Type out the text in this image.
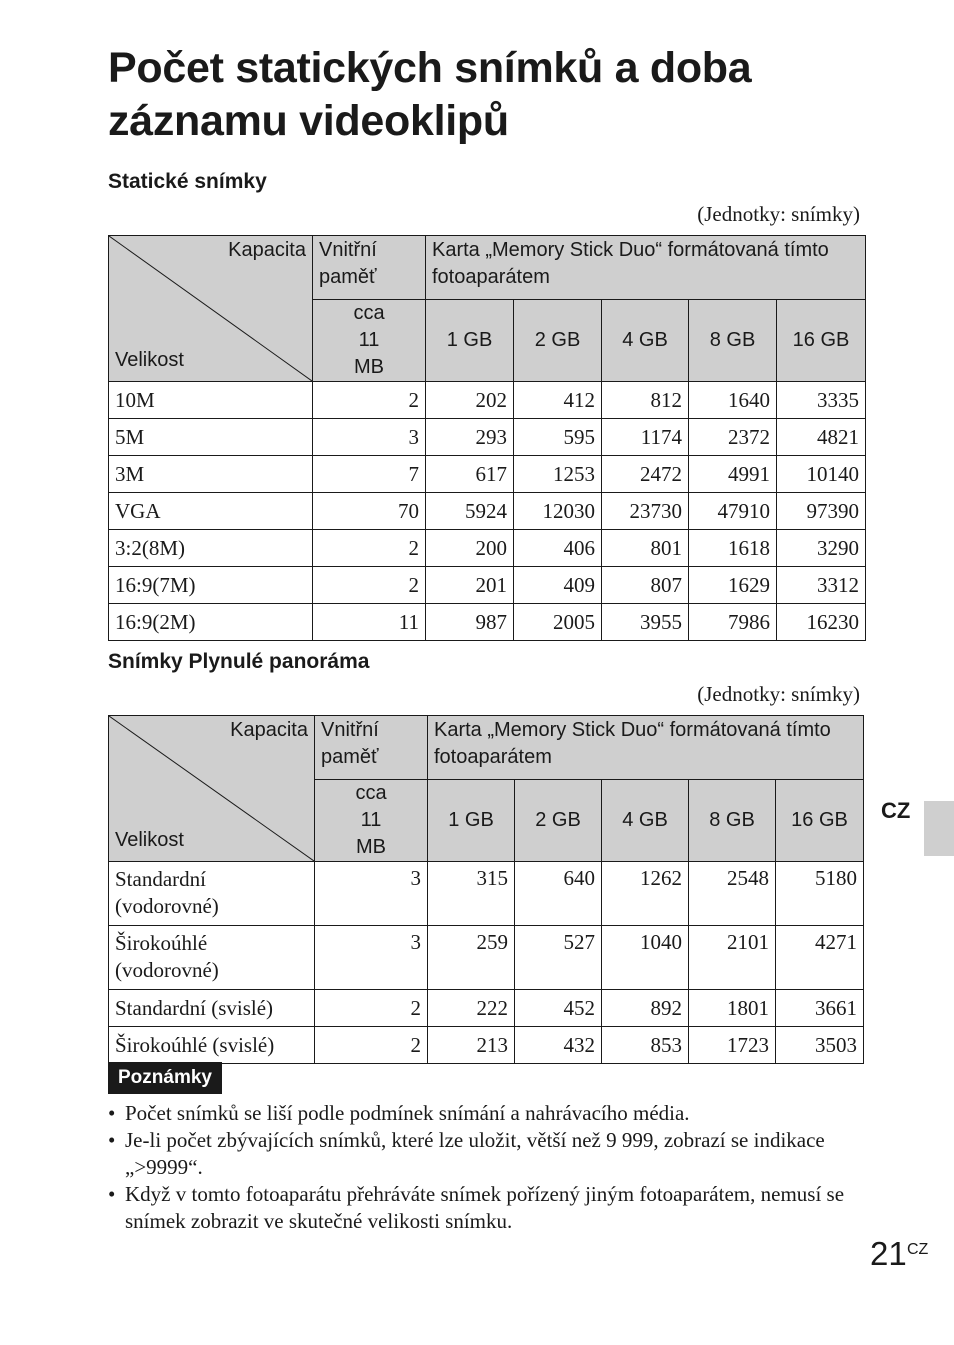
Počet statických snímků a doba záznamu videoklipů
Statické snímky
(Jednotky: snímky)
Kapacita
Velikost	Vnitřní paměť	Karta „Memory Stick Duo“ formátovaná tímto fotoaparátem				
	cca 11 MB	1 GB	2 GB	4 GB	8 GB	16 GB
10M	2	202	412	812	1640	3335
5M	3	293	595	1174	2372	4821
3M	7	617	1253	2472	4991	10140
VGA	70	5924	12030	23730	47910	97390
3:2(8M)	2	200	406	801	1618	3290
16:9(7M)	2	201	409	807	1629	3312
16:9(2M)	11	987	2005	3955	7986	16230
Snímky Plynulé panoráma
(Jednotky: snímky)
Kapacita
Velikost	Vnitřní paměť	Karta „Memory Stick Duo“ formátovaná tímto fotoaparátem				
	cca 11 MB	1 GB	2 GB	4 GB	8 GB	16 GB
Standardní (vodorovné)	3	315	640	1262	2548	5180
Širokoúhlé (vodorovné)	3	259	527	1040	2101	4271
Standardní (svislé)	2	222	452	892	1801	3661
Širokoúhlé (svislé)	2	213	432	853	1723	3503
Poznámky
• Počet snímků se liší podle podmínek snímání a nahrávacího média.
• Je-li počet zbývajících snímků, které lze uložit, větší než 9 999, zobrazí se indikace „>9999“.
• Když v tomto fotoaparátu přehráváte snímek pořízený jiným fotoaparátem, nemusí se snímek zobrazit ve skutečné velikosti snímku.
CZ
21 CZ
